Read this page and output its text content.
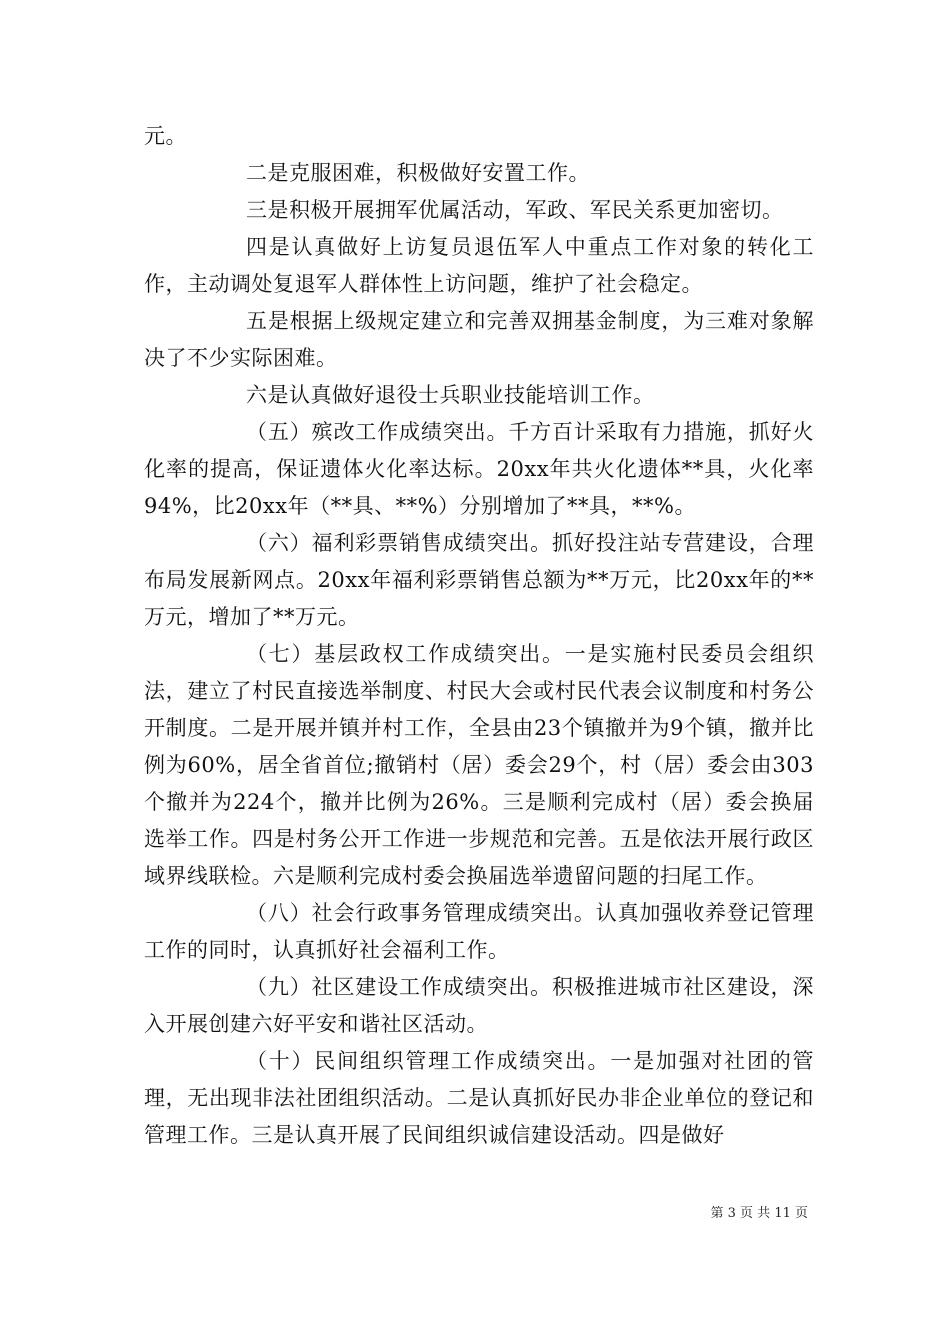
元。

二是克服困难，积极做好安置工作。

三是积极开展拥军优属活动，军政、军民关系更加密切。

四是认真做好上访复员退伍军人中重点工作对象的转化工作，主动调处复退军人群体性上访问题，维护了社会稳定。

五是根据上级规定建立和完善双拥基金制度，为三难对象解决了不少实际困难。

六是认真做好退役士兵职业技能培训工作。

（五）殡改工作成绩突出。千方百计采取有力措施，抓好火化率的提高，保证遗体火化率达标。20xx年共火化遗体**具，火化率94%，比20xx年（**具、**%）分别增加了**具，**%。

（六）福利彩票销售成绩突出。抓好投注站专营建设，合理布局发展新网点。20xx年福利彩票销售总额为**万元，比20xx年的**万元，增加了**万元。

（七）基层政权工作成绩突出。一是实施村民委员会组织法，建立了村民直接选举制度、村民大会或村民代表会议制度和村务公开制度。二是开展并镇并村工作，全县由23个镇撤并为9个镇，撤并比例为60%，居全省首位;撤销村（居）委会29个，村（居）委会由303个撤并为224个，撤并比例为26%。三是顺利完成村（居）委会换届选举工作。四是村务公开工作进一步规范和完善。五是依法开展行政区域界线联检。六是顺利完成村委会换届选举遗留问题的扫尾工作。

（八）社会行政事务管理成绩突出。认真加强收养登记管理工作的同时，认真抓好社会福利工作。

（九）社区建设工作成绩突出。积极推进城市社区建设，深入开展创建六好平安和谐社区活动。

（十）民间组织管理工作成绩突出。一是加强对社团的管理，无出现非法社团组织活动。二是认真抓好民办非企业单位的登记和管理工作。三是认真开展了民间组织诚信建设活动。四是做好

第 3 页 共 11 页
